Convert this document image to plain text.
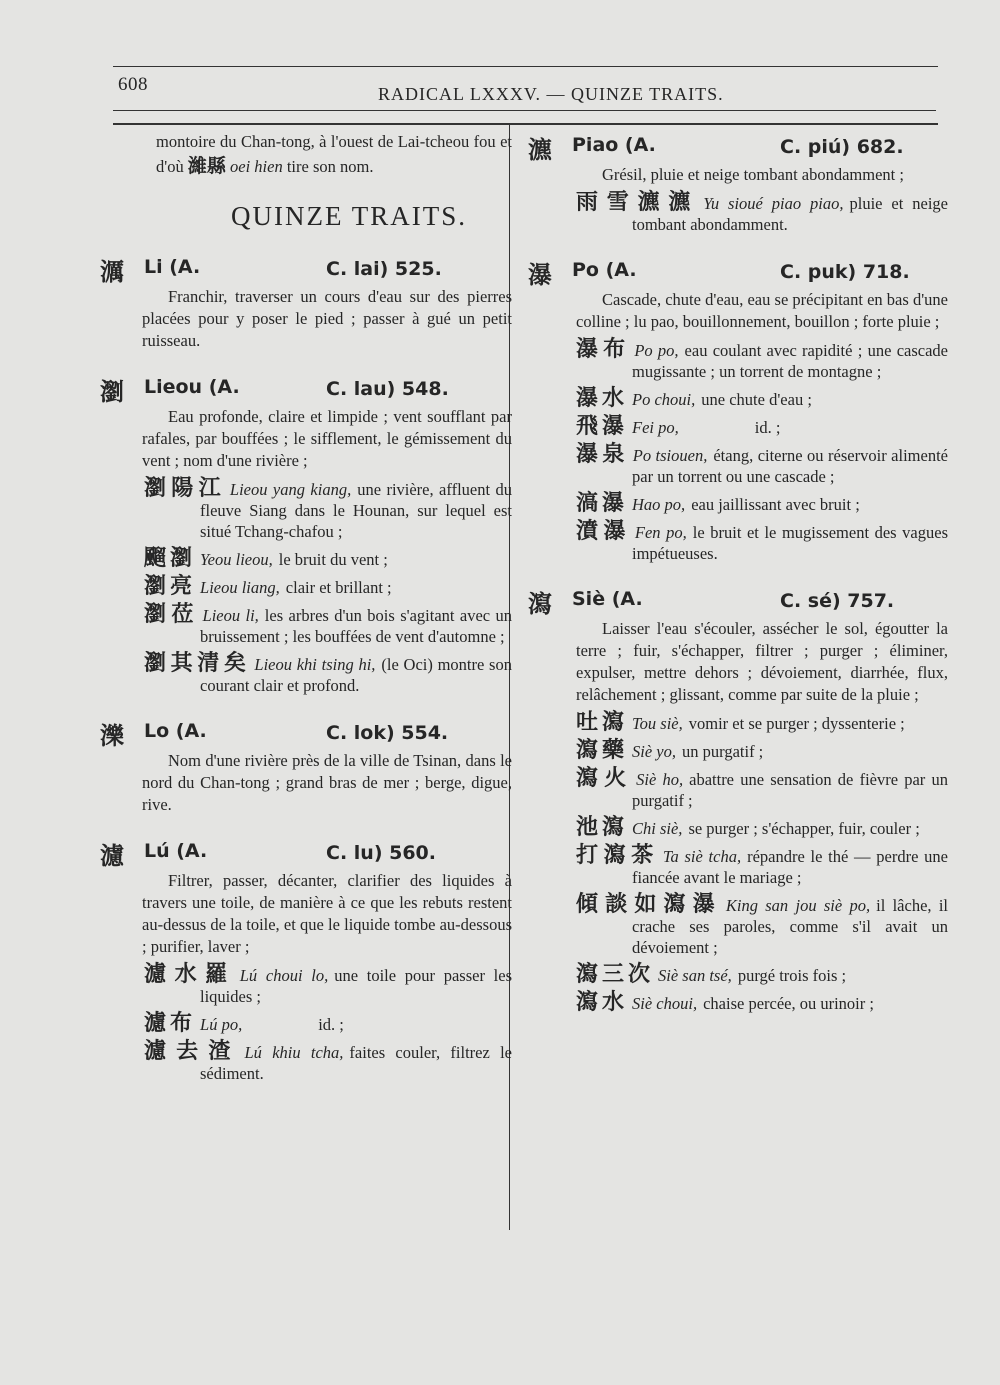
608	RADICAL LXXXV. — QUINZE TRAITS.
montoire du Chan-tong, à l'ouest de Lai-tcheou fou et d'où 濰縣 oei hien tire son nom.
QUINZE TRAITS.
濿 Li (A.	C. lai) 525.
Franchir, traverser un cours d'eau sur des pierres placées pour y poser le pied ; passer à gué un petit ruisseau.
瀏 Lieou (A.	C. lau) 548.
Eau profonde, claire et limpide ; vent soufflant par rafales, par bouffées ; le sifflement, le gémissement du vent ; nom d'une rivière ;
瀏陽江 Lieou yang kiang, une rivière, affluent du fleuve Siang dans le Hounan, sur lequel est situé Tchang-chafou ;
飀瀏 Yeou lieou, le bruit du vent ;
瀏亮 Lieou liang, clair et brillant ;
瀏莅 Lieou li, les arbres d'un bois s'agitant avec un bruissement ; les bouffées de vent d'automne ;
瀏其清矣 Lieou khi tsing hi, (le Oci) montre son courant clair et profond.
濼 Lo (A.	C. lok) 554.
Nom d'une rivière près de la ville de Tsinan, dans le nord du Chan-tong ; grand bras de mer ; berge, digue, rive.
濾 Lú (A.	C. lu) 560.
Filtrer, passer, décanter, clarifier des liquides à travers une toile, de manière à ce que les rebuts restent au-dessus de la toile, et que le liquide tombe au-dessous ; purifier, laver ;
濾水羅 Lú choui lo, une toile pour passer les liquides ;
濾布 Lú po,	id. ;
濾去渣 Lú khiu tcha, faites couler, filtrez le sédiment.
瀌 Piao (A.	C. piú) 682.
Grésil, pluie et neige tombant abondamment ;
雨雪瀌瀌 Yu sioué piao piao, pluie et neige tombant abondamment.
瀑 Po (A.	C. puk) 718.
Cascade, chute d'eau, eau se précipitant en bas d'une colline ; lu pao, bouillonnement, bouillon ; forte pluie ;
瀑布 Po po, eau coulant avec rapidité ; une cascade mugissante ; un torrent de montagne ;
瀑水 Po choui, une chute d'eau ;
飛瀑 Fei po,	id. ;
瀑泉 Po tsiouen, étang, citerne ou réservoir alimenté par un torrent ou une cascade ;
滈瀑 Hao po, eau jaillissant avec bruit ;
濆瀑 Fen po, le bruit et le mugissement des vagues impétueuses.
瀉 Siè (A.	C. sé) 757.
Laisser l'eau s'écouler, assécher le sol, égoutter la terre ; fuir, s'échapper, filtrer ; purger ; éliminer, expulser, mettre dehors ; dévoiement, diarrhée, flux, relâchement ; glissant, comme par suite de la pluie ;
吐瀉 Tou siè, vomir et se purger ; dyssenterie ;
瀉藥 Siè yo, un purgatif ;
瀉火 Siè ho, abattre une sensation de fièvre par un purgatif ;
池瀉 Chi siè, se purger ; s'échapper, fuir, couler ;
打瀉茶 Ta siè tcha, répandre le thé — perdre une fiancée avant le mariage ;
傾談如瀉瀑 King san jou siè po, il lâche, il crache ses paroles, comme s'il avait un dévoiement ;
瀉三次 Siè san tsé, purgé trois fois ;
瀉水 Siè choui, chaise percée, ou urinoir ;
